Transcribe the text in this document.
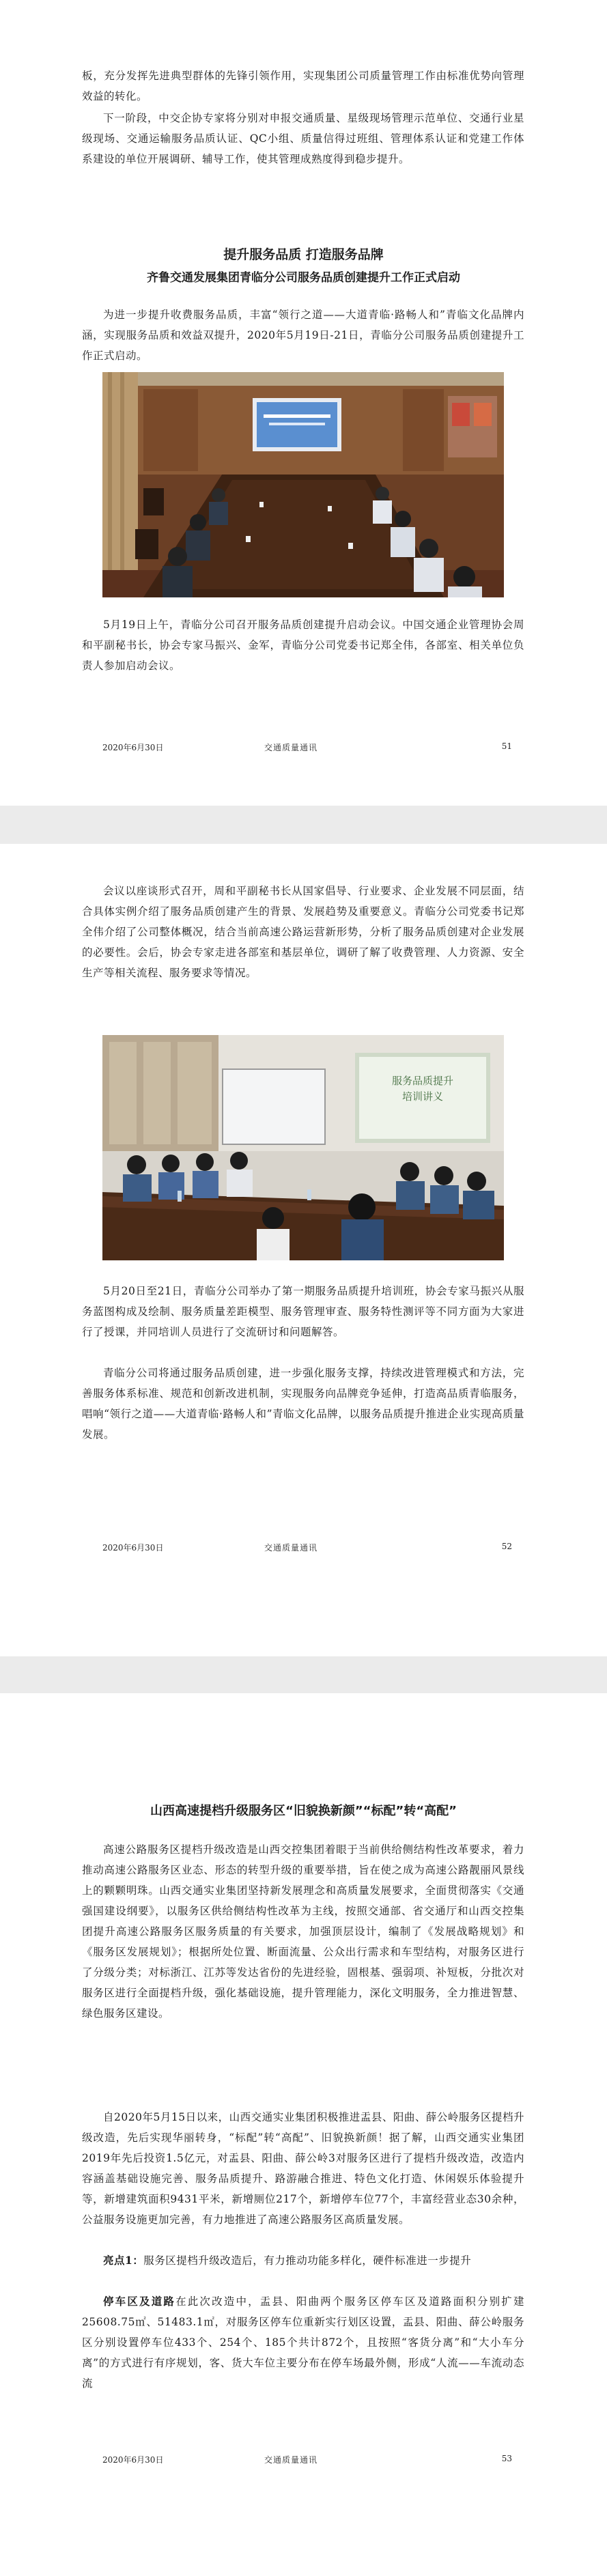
板，充分发挥先进典型群体的先锋引领作用，实现集团公司质量管理工作由标准优势向管理效益的转化。

下一阶段，中交企协专家将分别对申报交通质量、星级现场管理示范单位、交通行业星级现场、交通运输服务品质认证、QC小组、质量信得过班组、管理体系认证和党建工作体系建设的单位开展调研、辅导工作，使其管理成熟度得到稳步提升。

提升服务品质 打造服务品牌
齐鲁交通发展集团青临分公司服务品质创建提升工作正式启动

为进一步提升收费服务品质，丰富“领行之道——大道青临·路畅人和”青临文化品牌内涵，实现服务品质和效益双提升，2020年5月19日-21日，青临分公司服务品质创建提升工作正式启动。

5月19日上午，青临分公司召开服务品质创建提升启动会议。中国交通企业管理协会周和平副秘书长，协会专家马振兴、金军，青临分公司党委书记郑全伟，各部室、相关单位负责人参加启动会议。

2020年6月30日	交通质量通讯	51

会议以座谈形式召开，周和平副秘书长从国家倡导、行业要求、企业发展不同层面，结合具体实例介绍了服务品质创建产生的背景、发展趋势及重要意义。青临分公司党委书记郑全伟介绍了公司整体概况，结合当前高速公路运营新形势，分析了服务品质创建对企业发展的必要性。会后，协会专家走进各部室和基层单位，调研了解了收费管理、人力资源、安全生产等相关流程、服务要求等情况。

服务品质提升
培训讲义

5月20日至21日，青临分公司举办了第一期服务品质提升培训班，协会专家马振兴从服务蓝图构成及绘制、服务质量差距模型、服务管理审查、服务特性测评等不同方面为大家进行了授课，并同培训人员进行了交流研讨和问题解答。

青临分公司将通过服务品质创建，进一步强化服务支撑，持续改进管理模式和方法，完善服务体系标准、规范和创新改进机制，实现服务向品牌竞争延伸，打造高品质青临服务，唱响“领行之道——大道青临·路畅人和”青临文化品牌，以服务品质提升推进企业实现高质量发展。

2020年6月30日	交通质量通讯	52
山西高速提档升级服务区“旧貌换新颜”“标配”转“高配”

高速公路服务区提档升级改造是山西交控集团着眼于当前供给侧结构性改革要求，着力推动高速公路服务区业态、形态的转型升级的重要举措，旨在使之成为高速公路靓丽风景线上的颗颗明珠。山西交通实业集团坚持新发展理念和高质量发展要求，全面贯彻落实《交通强国建设纲要》，以服务区供给侧结构性改革为主线，按照交通部、省交通厅和山西交控集团提升高速公路服务区服务质量的有关要求，加强顶层设计，编制了《发展战略规划》和《服务区发展规划》；根据所处位置、断面流量、公众出行需求和车型结构，对服务区进行了分级分类；对标浙江、江苏等发达省份的先进经验，固根基、强弱项、补短板，分批次对服务区进行全面提档升级，强化基础设施，提升管理能力，深化文明服务，全力推进智慧、绿色服务区建设。

自2020年5月15日以来，山西交通实业集团积极推进盂县、阳曲、薛公岭服务区提档升级改造，先后实现华丽转身，“标配”转“高配”、旧貌换新颜！据了解，山西交通实业集团2019年先后投资1.5亿元，对盂县、阳曲、薛公岭3对服务区进行了提档升级改造，改造内容涵盖基础设施完善、服务品质提升、路游融合推进、特色文化打造、休闲娱乐体验提升等，新增建筑面积9431平米，新增厕位217个，新增停车位77个，丰富经营业态30余种，公益服务设施更加完善，有力地推进了高速公路服务区高质量发展。

亮点1：服务区提档升级改造后，有力推动功能多样化，硬件标准进一步提升

停车区及道路在此次改造中，盂县、阳曲两个服务区停车区及道路面积分别扩建25608.75㎡、51483.1㎡，对服务区停车位重新实行划区设置，盂县、阳曲、薛公岭服务区分别设置停车位433个、254个、185个共计872个，且按照“客货分离”和“大小车分离”的方式进行有序规划，客、货大车位主要分布在停车场最外侧，形成“人流——车流动态流

2020年6月30日	交通质量通讯	53
